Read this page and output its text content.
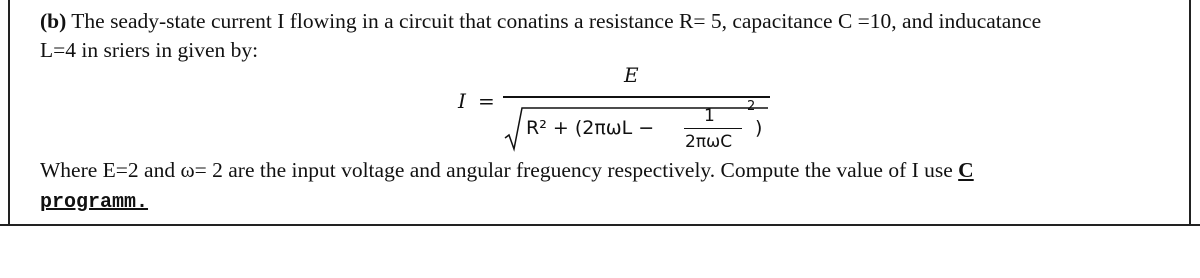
(b) The seady-state current I flowing in a circuit that conatins a resistance R= 5, capacitance C =10, and inducatance
L=4 in sriers in given by:
I =
E
R² + (2πωL −
1
2πωC
)
2
Where E=2 and ω= 2 are the input voltage and angular freguency respectively. Compute the value of I use C
programm.
